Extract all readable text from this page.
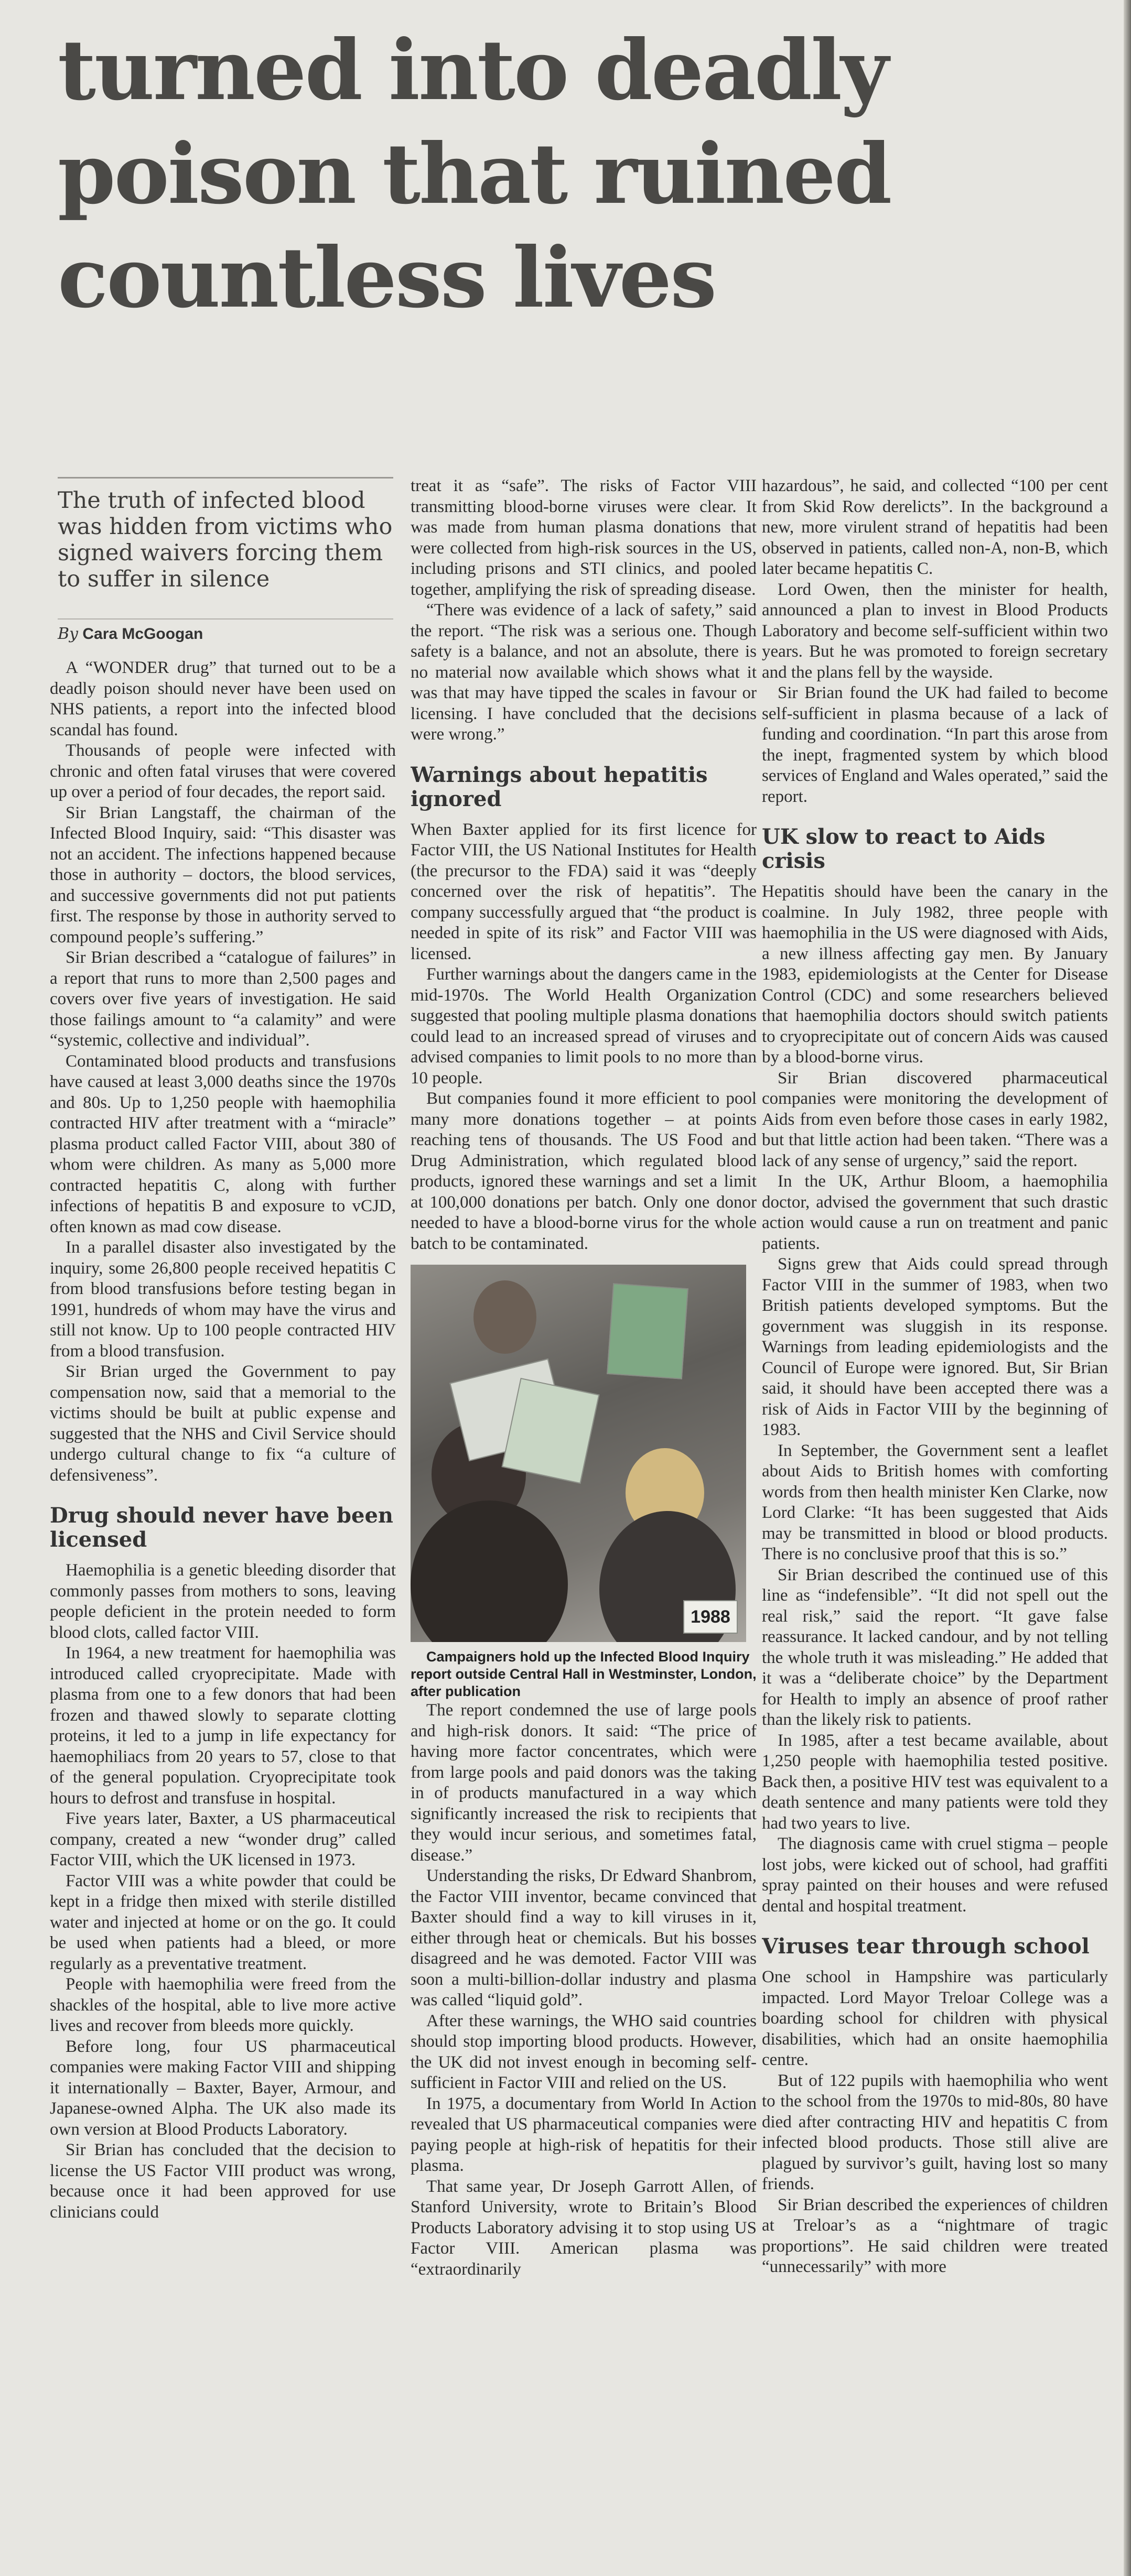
turned into deadly
poison that ruined
countless lives
The truth of infected blood was hidden from victims who signed waivers forcing them to suffer in silence
By Cara McGoogan

A “WONDER drug” that turned out to be a deadly poison should never have been used on NHS patients, a report into the infected blood scandal has found.

Thousands of people were infected with chronic and often fatal viruses that were covered up over a period of four decades, the report said.

Sir Brian Langstaff, the chairman of the Infected Blood Inquiry, said: “This disaster was not an accident. The infections happened because those in authority – doctors, the blood services, and successive governments did not put patients first. The response by those in authority served to compound people’s suffering.”

Sir Brian described a “catalogue of failures” in a report that runs to more than 2,500 pages and covers over five years of investigation. He said those failings amount to “a calamity” and were “systemic, collective and individual”.

Contaminated blood products and transfusions have caused at least 3,000 deaths since the 1970s and 80s. Up to 1,250 people with haemophilia contracted HIV after treatment with a “miracle” plasma product called Factor VIII, about 380 of whom were children. As many as 5,000 more contracted hepatitis C, along with further infections of hepatitis B and exposure to vCJD, often known as mad cow disease.

In a parallel disaster also investigated by the inquiry, some 26,800 people received hepatitis C from blood transfusions before testing began in 1991, hundreds of whom may have the virus and still not know. Up to 100 people contracted HIV from a blood transfusion.

Sir Brian urged the Government to pay compensation now, said that a memorial to the victims should be built at public expense and suggested that the NHS and Civil Service should undergo cultural change to fix “a culture of defensiveness”.

Drug should never have been licensed

Haemophilia is a genetic bleeding disorder that commonly passes from mothers to sons, leaving people deficient in the protein needed to form blood clots, called factor VIII.

In 1964, a new treatment for haemophilia was introduced called cryoprecipitate. Made with plasma from one to a few donors that had been frozen and thawed slowly to separate clotting proteins, it led to a jump in life expectancy for haemophiliacs from 20 years to 57, close to that of the general population. Cryoprecipitate took hours to defrost and transfuse in hospital.

Five years later, Baxter, a US pharmaceutical company, created a new “wonder drug” called Factor VIII, which the UK licensed in 1973.

Factor VIII was a white powder that could be kept in a fridge then mixed with sterile distilled water and injected at home or on the go. It could be used when patients had a bleed, or more regularly as a preventative treatment.

People with haemophilia were freed from the shackles of the hospital, able to live more active lives and recover from bleeds more quickly.

Before long, four US pharmaceutical companies were making Factor VIII and shipping it internationally – Baxter, Bayer, Armour, and Japanese-owned Alpha. The UK also made its own version at Blood Products Laboratory.

Sir Brian has concluded that the decision to license the US Factor VIII product was wrong, because once it had been approved for use clinicians could

treat it as “safe”. The risks of Factor VIII transmitting blood-borne viruses were clear. It was made from human plasma donations that were collected from high-risk sources in the US, including prisons and STI clinics, and pooled together, amplifying the risk of spreading disease.

“There was evidence of a lack of safety,” said the report. “The risk was a serious one. Though safety is a balance, and not an absolute, there is no material now available which shows what it was that may have tipped the scales in favour or licensing. I have concluded that the decisions were wrong.”

Warnings about hepatitis ignored

When Baxter applied for its first licence for Factor VIII, the US National Institutes for Health (the precursor to the FDA) said it was “deeply concerned over the risk of hepatitis”. The company successfully argued that “the product is needed in spite of its risk” and Factor VIII was licensed.

Further warnings about the dangers came in the mid-1970s. The World Health Organization suggested that pooling multiple plasma donations could lead to an increased spread of viruses and advised companies to limit pools to no more than 10 people.

But companies found it more efficient to pool many more donations together – at points reaching tens of thousands. The US Food and Drug Administration, which regulated blood products, ignored these warnings and set a limit at 100,000 donations per batch. Only one donor needed to have a blood-borne virus for the whole batch to be contaminated.

1988

Campaigners hold up the Infected Blood Inquiry report outside Central Hall in Westminster, London, after publication

The report condemned the use of large pools and high-risk donors. It said: “The price of having more factor concentrates, which were from large pools and paid donors was the taking in of products manufactured in a way which significantly increased the risk to recipients that they would incur serious, and sometimes fatal, disease.”

Understanding the risks, Dr Edward Shanbrom, the Factor VIII inventor, became convinced that Baxter should find a way to kill viruses in it, either through heat or chemicals. But his bosses disagreed and he was demoted. Factor VIII was soon a multi-billion-dollar industry and plasma was called “liquid gold”.

After these warnings, the WHO said countries should stop importing blood products. However, the UK did not invest enough in becoming self-sufficient in Factor VIII and relied on the US.

In 1975, a documentary from World In Action revealed that US pharmaceutical companies were paying people at high-risk of hepatitis for their plasma.

That same year, Dr Joseph Garrott Allen, of Stanford University, wrote to Britain’s Blood Products Laboratory advising it to stop using US Factor VIII. American plasma was “extraordinarily

hazardous”, he said, and collected “100 per cent from Skid Row derelicts”. In the background a new, more virulent strand of hepatitis had been observed in patients, called non-A, non-B, which later became hepatitis C.

Lord Owen, then the minister for health, announced a plan to invest in Blood Products Laboratory and become self-sufficient within two years. But he was promoted to foreign secretary and the plans fell by the wayside.

Sir Brian found the UK had failed to become self-sufficient in plasma because of a lack of funding and coordination. “In part this arose from the inept, fragmented system by which blood services of England and Wales operated,” said the report.

UK slow to react to Aids crisis

Hepatitis should have been the canary in the coalmine. In July 1982, three people with haemophilia in the US were diagnosed with Aids, a new illness affecting gay men. By January 1983, epidemiologists at the Center for Disease Control (CDC) and some researchers believed that haemophilia doctors should switch patients to cryoprecipitate out of concern Aids was caused by a blood-borne virus.

Sir Brian discovered pharmaceutical companies were monitoring the development of Aids from even before those cases in early 1982, but that little action had been taken. “There was a lack of any sense of urgency,” said the report.

In the UK, Arthur Bloom, a haemophilia doctor, advised the government that such drastic action would cause a run on treatment and panic patients.

Signs grew that Aids could spread through Factor VIII in the summer of 1983, when two British patients developed symptoms. But the government was sluggish in its response. Warnings from leading epidemiologists and the Council of Europe were ignored. But, Sir Brian said, it should have been accepted there was a risk of Aids in Factor VIII by the beginning of 1983.

In September, the Government sent a leaflet about Aids to British homes with comforting words from then health minister Ken Clarke, now Lord Clarke: “It has been suggested that Aids may be transmitted in blood or blood products. There is no conclusive proof that this is so.”

Sir Brian described the continued use of this line as “indefensible”. “It did not spell out the real risk,” said the report. “It gave false reassurance. It lacked candour, and by not telling the whole truth it was misleading.” He added that it was a “deliberate choice” by the Department for Health to imply an absence of proof rather than the likely risk to patients.

In 1985, after a test became available, about 1,250 people with haemophilia tested positive. Back then, a positive HIV test was equivalent to a death sentence and many patients were told they had two years to live.

The diagnosis came with cruel stigma – people lost jobs, were kicked out of school, had graffiti spray painted on their houses and were refused dental and hospital treatment.

Viruses tear through school

One school in Hampshire was particularly impacted. Lord Mayor Treloar College was a boarding school for children with physical disabilities, which had an onsite haemophilia centre.

But of 122 pupils with haemophilia who went to the school from the 1970s to mid-80s, 80 have died after contracting HIV and hepatitis C from infected blood products. Those still alive are plagued by survivor’s guilt, having lost so many friends.

Sir Brian described the experiences of children at Treloar’s as a “nightmare of tragic proportions”. He said children were treated “unnecessarily” with more
